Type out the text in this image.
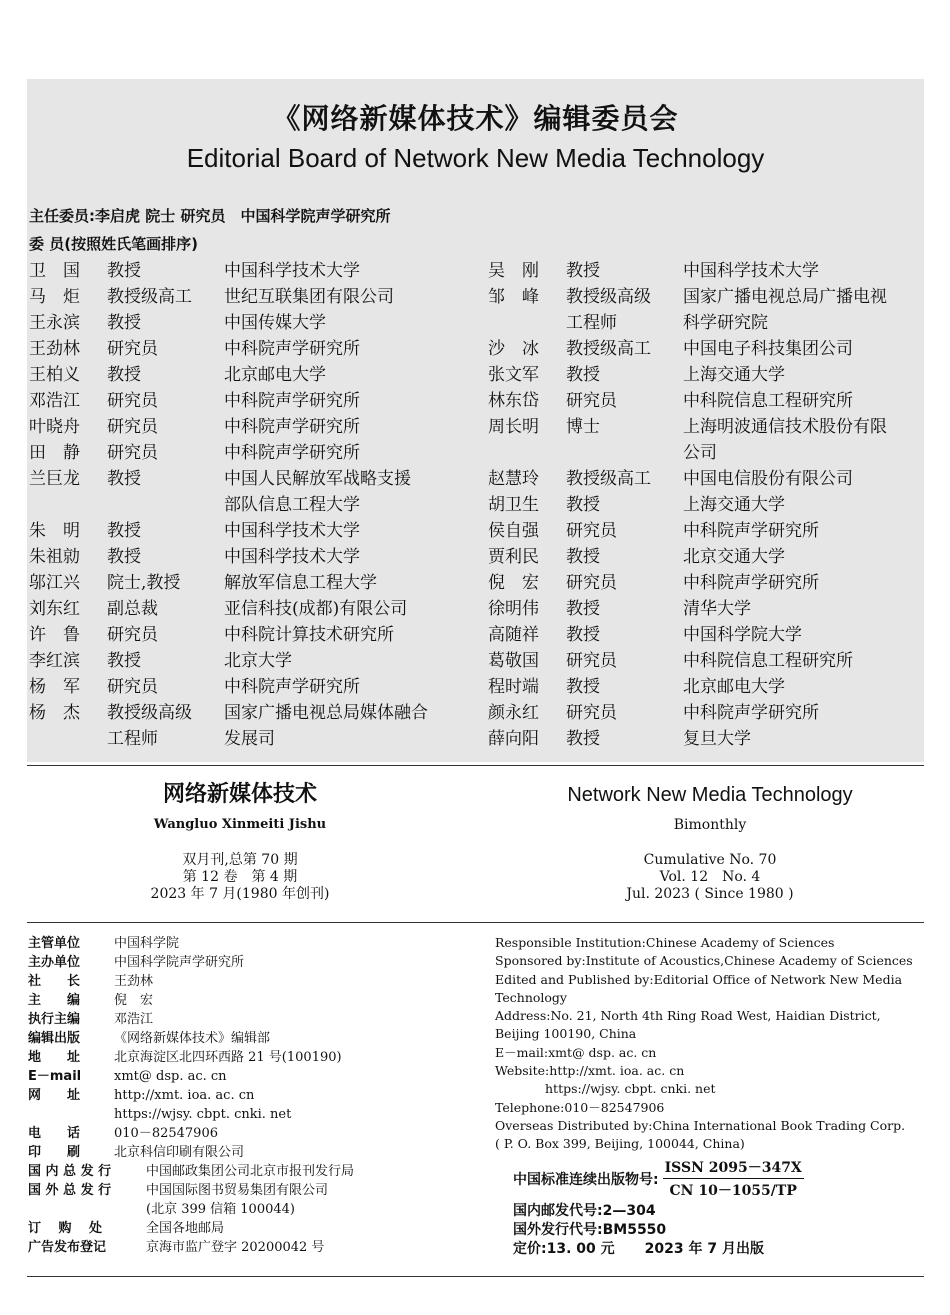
《网络新媒体技术》编辑委员会
Editorial Board of Network New Media Technology
主任委员:李启虎 院士 研究员　中国科学院声学研究所
委 员(按照姓氏笔画排序)
卫　国	教授	中国科学技术大学
马　炬	教授级高工	世纪互联集团有限公司
王永滨	教授	中国传媒大学
王劲林	研究员	中科院声学研究所
王柏义	教授	北京邮电大学
邓浩江	研究员	中科院声学研究所
叶晓舟	研究员	中科院声学研究所
田　静	研究员	中科院声学研究所
兰巨龙	教授	中国人民解放军战略支援
部队信息工程大学
朱　明	教授	中国科学技术大学
朱祖勍	教授	中国科学技术大学
邬江兴	院士,教授	解放军信息工程大学
刘东红	副总裁	亚信科技(成都)有限公司
许　鲁	研究员	中科院计算技术研究所
李红滨	教授	北京大学
杨　军	研究员	中科院声学研究所
杨　杰	教授级高级	国家广播电视总局媒体融合
工程师	发展司
吴　刚	教授	中国科学技术大学
邹　峰	教授级高级	国家广播电视总局广播电视
工程师	科学研究院
沙　冰	教授级高工	中国电子科技集团公司
张文军	教授	上海交通大学
林东岱	研究员	中科院信息工程研究所
周长明	博士	上海明波通信技术股份有限
公司
赵慧玲	教授级高工	中国电信股份有限公司
胡卫生	教授	上海交通大学
侯自强	研究员	中科院声学研究所
贾利民	教授	北京交通大学
倪　宏	研究员	中科院声学研究所
徐明伟	教授	清华大学
高随祥	教授	中国科学院大学
葛敬国	研究员	中科院信息工程研究所
程时端	教授	北京邮电大学
颜永红	研究员	中科院声学研究所
薛向阳	教授	复旦大学
网络新媒体技术
Wangluo Xinmeiti Jishu
双月刊,总第 70 期
第 12 卷　第 4 期
2023 年 7 月(1980 年创刊)
Network New Media Technology
Bimonthly
Cumulative No. 70
Vol. 12　No. 4
Jul. 2023 ( Since 1980 )
主管单位	中国科学院
主办单位	中国科学院声学研究所
社　　长	王劲林
主　　编	倪　宏
执行主编	邓浩江
编辑出版	《网络新媒体技术》编辑部
地　　址	北京海淀区北四环西路 21 号(100190)
E－mail	xmt@ dsp. ac. cn
网　　址	http://xmt. ioa. ac. cn
https://wjsy. cbpt. cnki. net
电　　话	010－82547906
印　　刷	北京科信印刷有限公司
国 内 总 发 行	中国邮政集团公司北京市报刊发行局
国 外 总 发 行	中国国际图书贸易集团有限公司
(北京 399 信箱 100044)
订　 购　 处	全国各地邮局
广告发布登记	京海市监广登字 20200042 号
Responsible Institution:Chinese Academy of Sciences
Sponsored by:Institute of Acoustics,Chinese Academy of Sciences
Edited and Published by:Editorial Office of Network New Media
Technology
Address:No. 21, North 4th Ring Road West, Haidian District,
Beijing 100190, China
E－mail:xmt@ dsp. ac. cn
Website:http://xmt. ioa. ac. cn
　　　　https://wjsy. cbpt. cnki. net
Telephone:010－82547906
Overseas Distributed by:China International Book Trading Corp.
( P. O. Box 399, Beijing, 100044, China)
中国标准连续出版物号: $\frac{\text{ISSN 2095－347X}}{CN 10-1055/TP}$
国内邮发代号:2—304
国外发行代号:BM5550
定价:13. 00 元 2023 年 7 月出版
